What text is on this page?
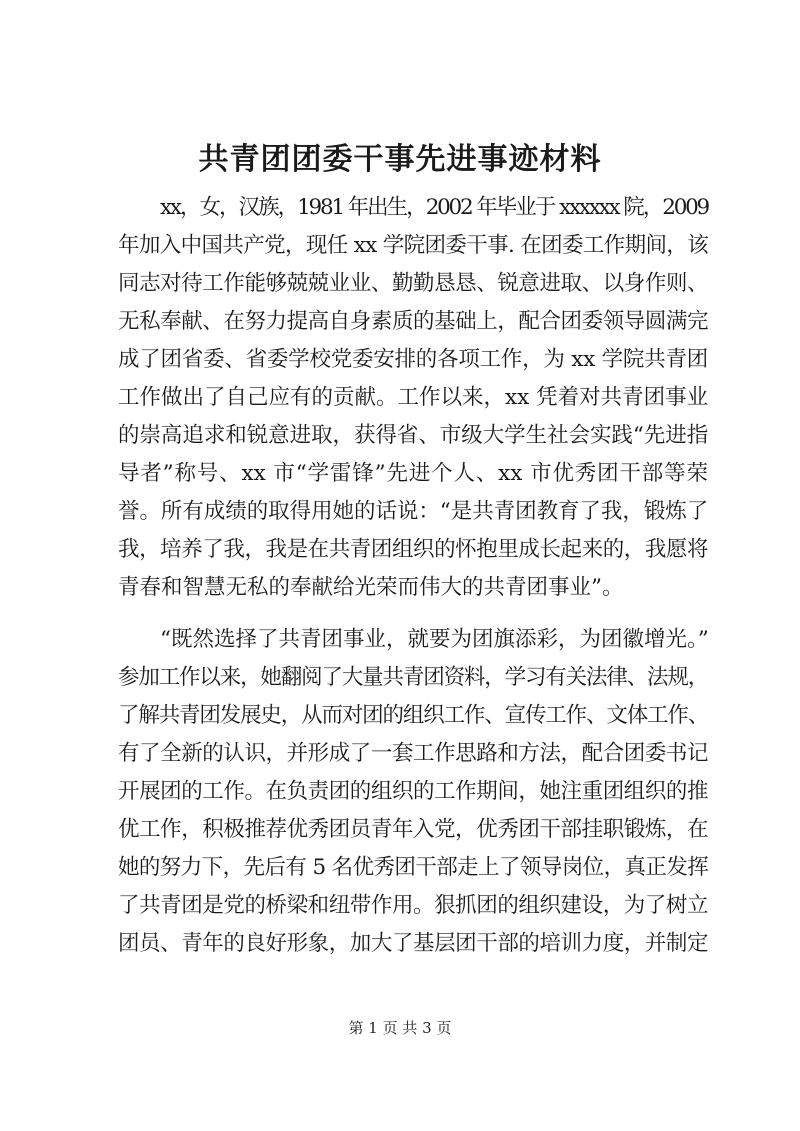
共青团团委干事先进事迹材料
xx，女，汉族，1981 年出生，2002 年毕业于 xxxxxx 院，2009
年加入中国共产党，现任 xx 学院团委干事. 在团委工作期间，该
同志对待工作能够兢兢业业、勤勤恳恳、锐意进取、以身作则、
无私奉献、在努力提高自身素质的基础上，配合团委领导圆满完
成了团省委、省委学校党委安排的各项工作，为 xx 学院共青团
工作做出了自己应有的贡献。工作以来，xx 凭着对共青团事业
的崇高追求和锐意进取，获得省、市级大学生社会实践“先进指
导者”称号、xx 市“学雷锋”先进个人、xx 市优秀团干部等荣
誉。所有成绩的取得用她的话说：“是共青团教育了我，锻炼了
我，培养了我，我是在共青团组织的怀抱里成长起来的，我愿将
青春和智慧无私的奉献给光荣而伟大的共青团事业”。
“既然选择了共青团事业，就要为团旗添彩，为团徽增光。”
参加工作以来，她翻阅了大量共青团资料，学习有关法律、法规，
了解共青团发展史，从而对团的组织工作、宣传工作、文体工作、
有了全新的认识，并形成了一套工作思路和方法，配合团委书记
开展团的工作。在负责团的组织的工作期间，她注重团组织的推
优工作，积极推荐优秀团员青年入党，优秀团干部挂职锻炼，在
她的努力下，先后有 5 名优秀团干部走上了领导岗位，真正发挥
了共青团是党的桥梁和纽带作用。狠抓团的组织建设，为了树立
团员、青年的良好形象，加大了基层团干部的培训力度，并制定
第 1 页 共 3 页
